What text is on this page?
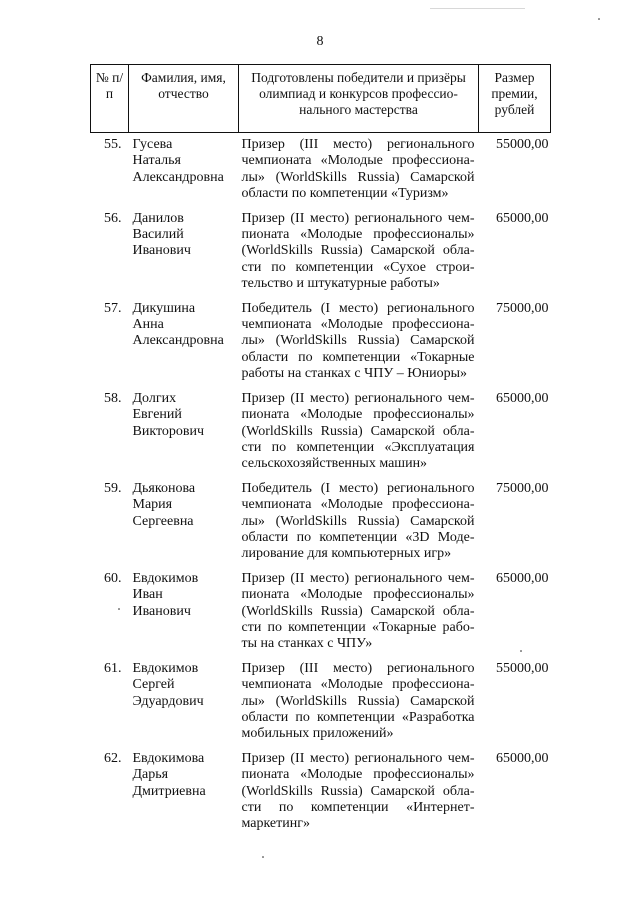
8
№ п/п	Фамилия, имя, отчество	Подготовлены победители и призёры олимпиад и конкурсов профессио-нального мастерства	Размер премии, рублей
55.	Гусева
Наталья
Александровна	Призер (III место) регионального чемпионата «Молодые профессиона-лы» (WorldSkills Russia) Самарской области по компетенции «Туризм»	55000,00
56.	Данилов
Василий
Иванович	Призер (II место) регионального чем-пионата «Молодые профессионалы» (WorldSkills Russia) Самарской обла-сти по компетенции «Сухое строи-тельство и штукатурные работы»	65000,00
57.	Дикушина
Анна
Александровна	Победитель (I место) регионального чемпионата «Молодые профессиона-лы» (WorldSkills Russia) Самарской области по компетенции «Токарные работы на станках с ЧПУ – Юниоры»	75000,00
58.	Долгих
Евгений
Викторович	Призер (II место) регионального чем-пионата «Молодые профессионалы» (WorldSkills Russia) Самарской обла-сти по компетенции «Эксплуатация сельскохозяйственных машин»	65000,00
59.	Дьяконова
Мария
Сергеевна	Победитель (I место) регионального чемпионата «Молодые профессиона-лы» (WorldSkills Russia) Самарской области по компетенции «3D Моде-лирование для компьютерных игр»	75000,00
60.	Евдокимов
Иван
Иванович	Призер (II место) регионального чем-пионата «Молодые профессионалы» (WorldSkills Russia) Самарской обла-сти по компетенции «Токарные рабо-ты на станках с ЧПУ»	65000,00
61.	Евдокимов
Сергей
Эдуардович	Призер (III место) регионального чемпионата «Молодые профессиона-лы» (WorldSkills Russia) Самарской области по компетенции «Разработка мобильных приложений»	55000,00
62.	Евдокимова
Дарья
Дмитриевна	Призер (II место) регионального чем-пионата «Молодые профессионалы» (WorldSkills Russia) Самарской обла-сти по компетенции «Интернет-маркетинг»	65000,00
